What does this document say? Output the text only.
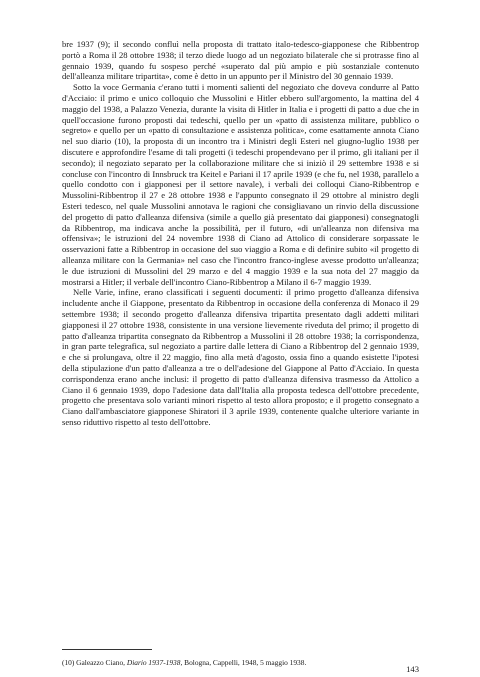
bre 1937 (9); il secondo confluì nella proposta di trattato italo-tedesco-giapponese che Ribbentrop portò a Roma il 28 ottobre 1938; il terzo diede luogo ad un negoziato bilaterale che si protrasse fino al gennaio 1939, quando fu sospeso perché «superato dal più ampio e più sostanziale contenuto dell'alleanza militare tripartita», come è detto in un appunto per il Ministro del 30 gennaio 1939.

Sotto la voce Germania c'erano tutti i momenti salienti del negoziato che doveva condurre al Patto d'Acciaio: il primo e unico colloquio che Mussolini e Hitler ebbero sull'argomento, la mattina del 4 maggio del 1938, a Palazzo Venezia, durante la visita di Hitler in Italia e i progetti di patto a due che in quell'occasione furono proposti dai tedeschi, quello per un «patto di assistenza militare, pubblico o segreto» e quello per un «patto di consultazione e assistenza politica», come esattamente annota Ciano nel suo diario (10), la proposta di un incontro tra i Ministri degli Esteri nel giugno-luglio 1938 per discutere e approfondire l'esame di tali progetti (i tedeschi propendevano per il primo, gli italiani per il secondo); il negoziato separato per la collaborazione militare che si iniziò il 29 settembre 1938 e si concluse con l'incontro di Innsbruck tra Keitel e Pariani il 17 aprile 1939 (e che fu, nel 1938, parallelo a quello condotto con i giapponesi per il settore navale), i verbali dei colloqui Ciano-Ribbentrop e Mussolini-Ribbentrop il 27 e 28 ottobre 1938 e l'appunto consegnato il 29 ottobre al ministro degli Esteri tedesco, nel quale Mussolini annotava le ragioni che consigliavano un rinvio della discussione del progetto di patto d'alleanza difensiva (simile a quello già presentato dai giapponesi) consegnatogli da Ribbentrop, ma indicava anche la possibilità, per il futuro, «di un'alleanza non difensiva ma offensiva»; le istruzioni del 24 novembre 1938 di Ciano ad Attolico di considerare sorpassate le osservazioni fatte a Ribbentrop in occasione del suo viaggio a Roma e di definire subito «il progetto di alleanza militare con la Germania» nel caso che l'incontro franco-inglese avesse prodotto un'alleanza; le due istruzioni di Mussolini del 29 marzo e del 4 maggio 1939 e la sua nota del 27 maggio da mostrarsi a Hitler; il verbale dell'incontro Ciano-Ribbentrop a Milano il 6-7 maggio 1939.

Nelle Varie, infine, erano classificati i seguenti documenti: il primo progetto d'alleanza difensiva includente anche il Giappone, presentato da Ribbentrop in occasione della conferenza di Monaco il 29 settembre 1938; il secondo progetto d'alleanza difensiva tripartita presentato dagli addetti militari giapponesi il 27 ottobre 1938, consistente in una versione lievemente riveduta del primo; il progetto di patto d'alleanza tripartita consegnato da Ribbentrop a Mussolini il 28 ottobre 1938; la corrispondenza, in gran parte telegrafica, sul negoziato a partire dalle lettera di Ciano a Ribbentrop del 2 gennaio 1939, e che si prolungava, oltre il 22 maggio, fino alla metà d'agosto, ossia fino a quando esistette l'ipotesi della stipulazione d'un patto d'alleanza a tre o dell'adesione del Giappone al Patto d'Acciaio. In questa corrispondenza erano anche inclusi: il progetto di patto d'alleanza difensiva trasmesso da Attolico a Ciano il 6 gennaio 1939, dopo l'adesione data dall'Italia alla proposta tedesca dell'ottobre precedente, progetto che presentava solo varianti minori rispetto al testo allora proposto; e il progetto consegnato a Ciano dall'ambasciatore giapponese Shiratori il 3 aprile 1939, contenente qualche ulteriore variante in senso riduttivo rispetto al testo dell'ottobre.

(10) Galeazzo Ciano, Diario 1937-1938, Bologna, Cappelli, 1948, 5 maggio 1938.

143
